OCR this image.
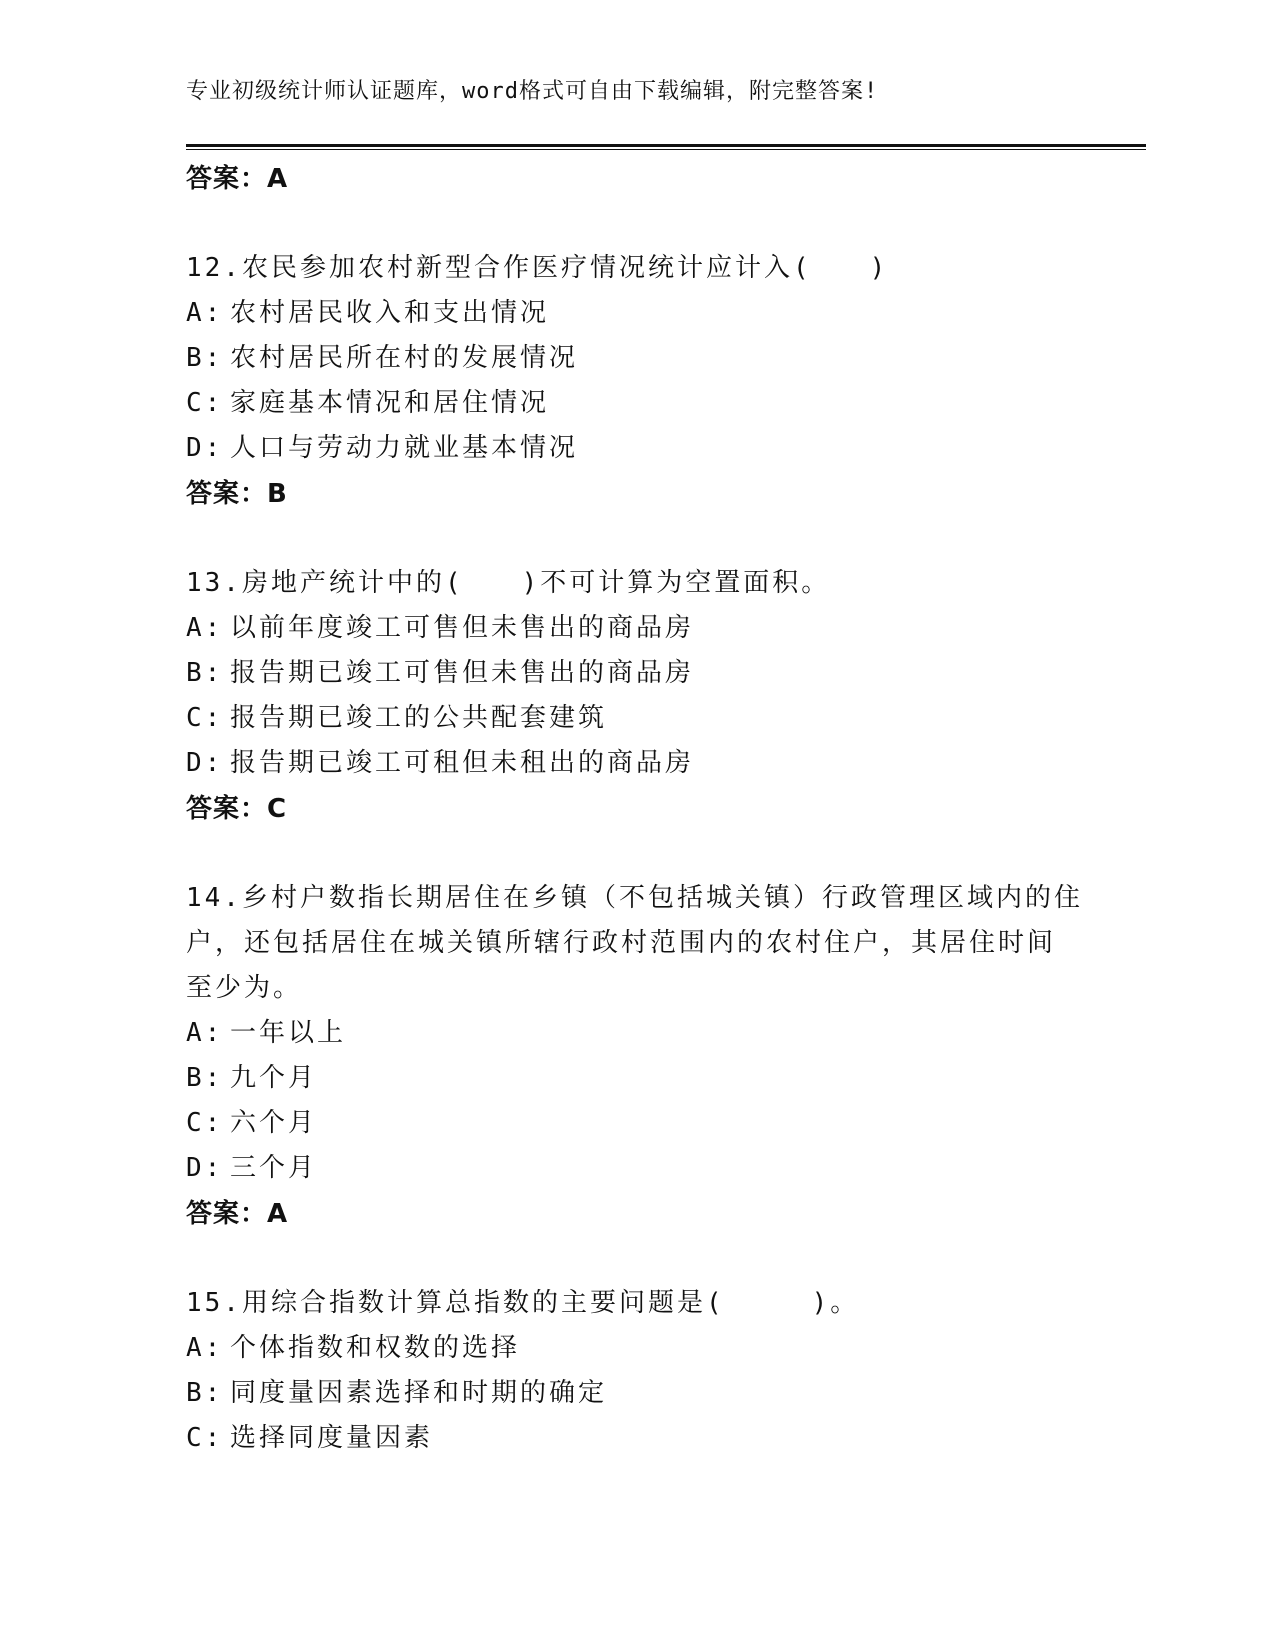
专业初级统计师认证题库，word格式可自由下载编辑，附完整答案!
答案：A
12.农民参加农村新型合作医疗情况统计应计入(　　)
A: 农村居民收入和支出情况
B: 农村居民所在村的发展情况
C: 家庭基本情况和居住情况
D: 人口与劳动力就业基本情况
答案：B
13.房地产统计中的(　　)不可计算为空置面积。
A: 以前年度竣工可售但未售出的商品房
B: 报告期已竣工可售但未售出的商品房
C: 报告期已竣工的公共配套建筑
D: 报告期已竣工可租但未租出的商品房
答案：C
14.乡村户数指长期居住在乡镇（不包括城关镇）行政管理区域内的住
户，还包括居住在城关镇所辖行政村范围内的农村住户，其居住时间
至少为。
A: 一年以上
B: 九个月
C: 六个月
D: 三个月
答案：A
15.用综合指数计算总指数的主要问题是(　　　)。
A: 个体指数和权数的选择
B: 同度量因素选择和时期的确定
C: 选择同度量因素
